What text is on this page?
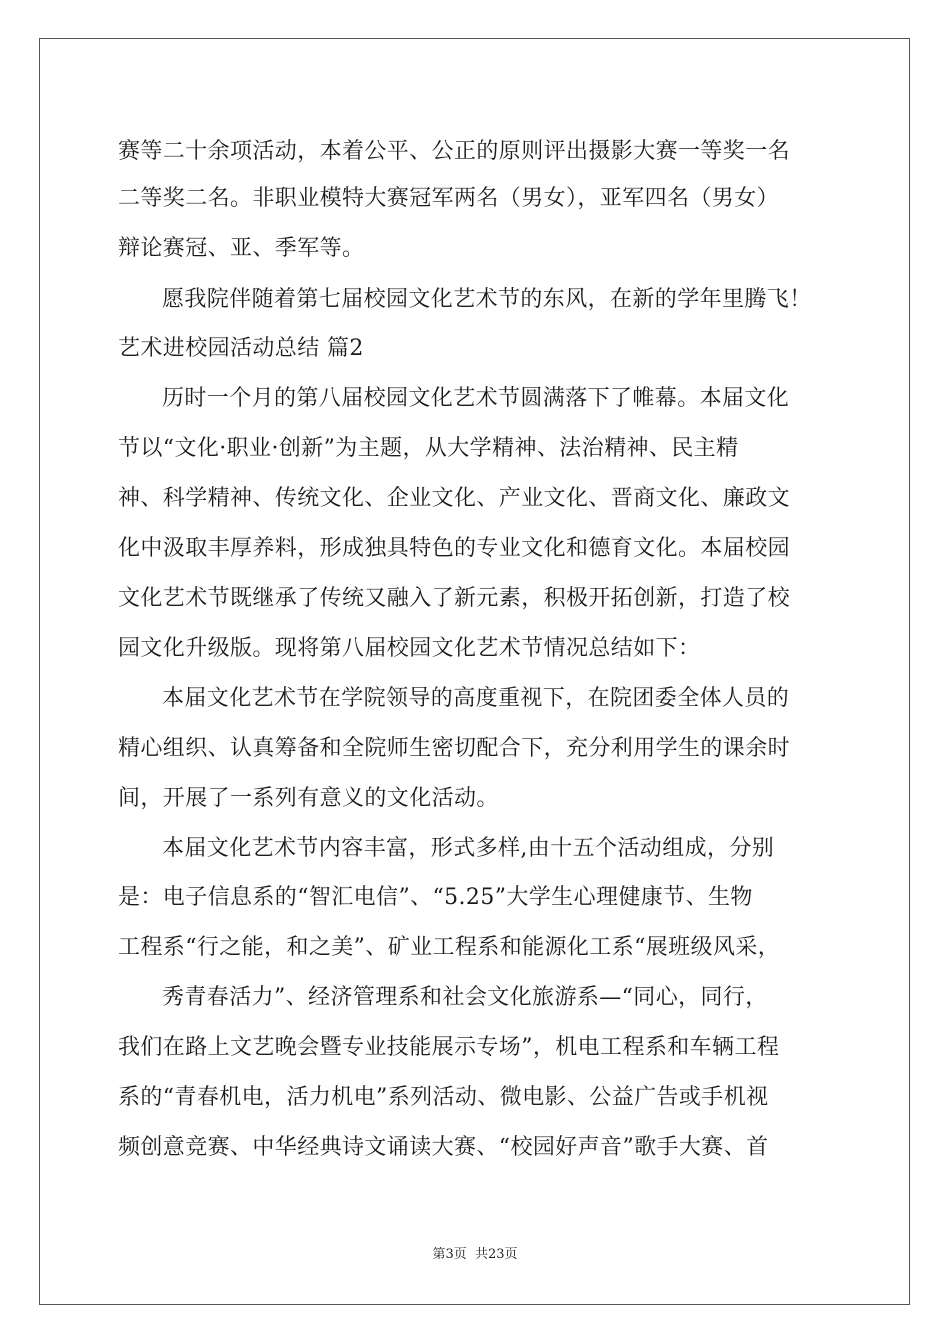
赛等二十余项活动，本着公平、公正的原则评出摄影大赛一等奖一名
二等奖二名。非职业模特大赛冠军两名（男女），亚军四名（男女）
辩论赛冠、亚、季军等。
愿我院伴随着第七届校园文化艺术节的东风，在新的学年里腾飞！
艺术进校园活动总结 篇2
历时一个月的第八届校园文化艺术节圆满落下了帷幕。本届文化
节以“文化·职业·创新”为主题，从大学精神、法治精神、民主精
神、科学精神、传统文化、企业文化、产业文化、晋商文化、廉政文
化中汲取丰厚养料，形成独具特色的专业文化和德育文化。本届校园
文化艺术节既继承了传统又融入了新元素，积极开拓创新，打造了校
园文化升级版。现将第八届校园文化艺术节情况总结如下：
本届文化艺术节在学院领导的高度重视下，在院团委全体人员的
精心组织、认真筹备和全院师生密切配合下，充分利用学生的课余时
间，开展了一系列有意义的文化活动。
本届文化艺术节内容丰富，形式多样,由十五个活动组成，分别
是：电子信息系的“智汇电信”、“5.25”大学生心理健康节、生物
工程系“行之能，和之美”、矿业工程系和能源化工系“展班级风采，
秀青春活力”、经济管理系和社会文化旅游系—“同心，同行，
我们在路上文艺晚会暨专业技能展示专场”，机电工程系和车辆工程
系的“青春机电，活力机电”系列活动、微电影、公益广告或手机视
频创意竞赛、中华经典诗文诵读大赛、“校园好声音”歌手大赛、首
第3页  共23页
